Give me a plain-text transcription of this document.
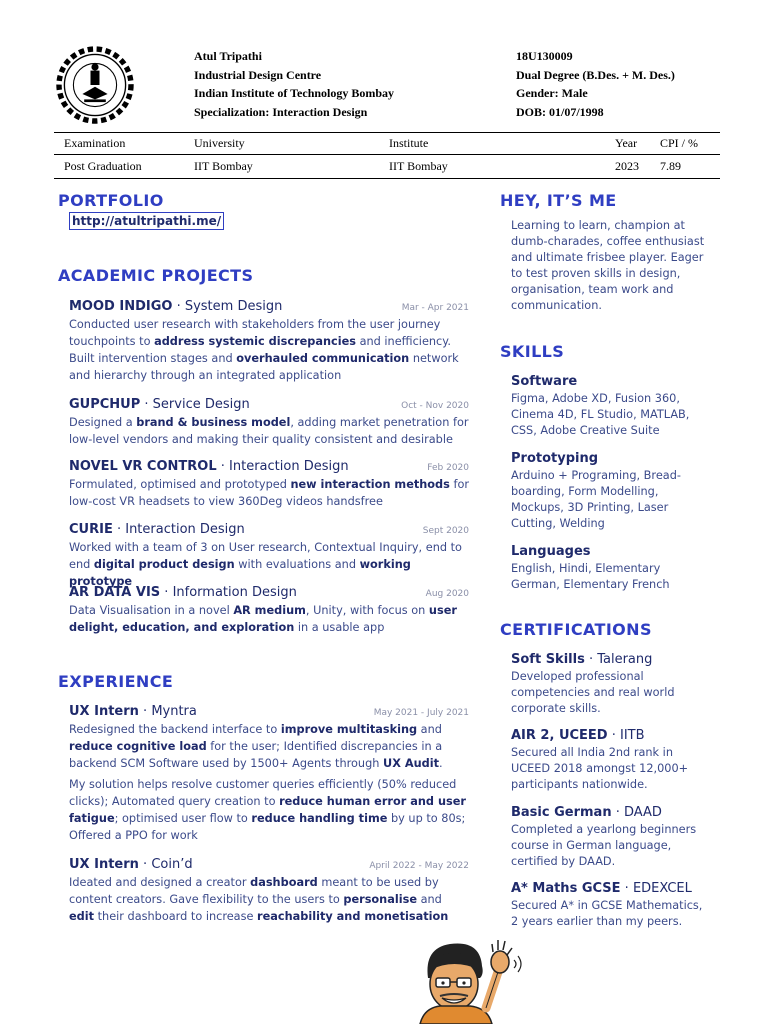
Atul Tripathi
Industrial Design Centre
Indian Institute of Technology Bombay
Specialization: Interaction Design
18U130009
Dual Degree (B.Des. + M. Des.)
Gender: Male
DOB: 01/07/1998
Examination	University	Institute	Year	CPI / %
Post Graduation	IIT Bombay	IIT Bombay	2023	7.89
PORTFOLIO
http://atultripathi.me/
ACADEMIC PROJECTS
MOOD INDIGO · System Design	Mar - Apr 2021
Conducted user research with stakeholders from the user journey touchpoints to address systemic discrepancies and inefficiency. Built intervention stages and overhauled communication network and hierarchy through an integrated application
GUPCHUP · Service Design	Oct - Nov 2020
Designed a brand & business model, adding market penetration for low-level vendors and making their quality consistent and desirable
NOVEL VR CONTROL · Interaction Design	Feb 2020
Formulated, optimised and prototyped new interaction methods for low-cost VR headsets to view 360Deg videos handsfree
CURIE · Interaction Design	Sept 2020
Worked with a team of 3 on User research, Contextual Inquiry, end to end digital product design with evaluations and working prototype
AR DATA VIS · Information Design	Aug 2020
Data Visualisation in a novel AR medium, Unity, with focus on user delight, education, and exploration in a usable app
EXPERIENCE
UX Intern · Myntra	May 2021 - July 2021
Redesigned the backend interface to improve multitasking and reduce cognitive load for the user; Identified discrepancies in a backend SCM Software used by 1500+ Agents through UX Audit.
My solution helps resolve customer queries efficiently (50% reduced clicks); Automated query creation to reduce human error and user fatigue; optimised user flow to reduce handling time by up to 80s; Offered a PPO for work
UX Intern · Coin’d	April 2022 - May 2022
Ideated and designed a creator dashboard meant to be used by content creators. Gave flexibility to the users to personalise and edit their dashboard to increase reachability and monetisation
HEY, IT’S ME
Learning to learn, champion at dumb-charades, coffee enthusiast and ultimate frisbee player. Eager to test proven skills in design, organisation, team work and communication.
SKILLS
Software
Figma, Adobe XD, Fusion 360, Cinema 4D, FL Studio, MATLAB, CSS, Adobe Creative Suite
Prototyping
Arduino + Programing, Bread-boarding, Form Modelling, Mockups, 3D Printing, Laser Cutting, Welding
Languages
English, Hindi, Elementary German, Elementary French
CERTIFICATIONS
Soft Skills · Talerang
Developed professional competencies and real world corporate skills.
AIR 2, UCEED · IITB
Secured all India 2nd rank in UCEED 2018 amongst 12,000+ participants nationwide.
Basic German · DAAD
Completed a yearlong beginners course in German language, certified by DAAD.
A* Maths GCSE · EDEXCEL
Secured A* in GCSE Mathematics, 2 years earlier than my peers.
